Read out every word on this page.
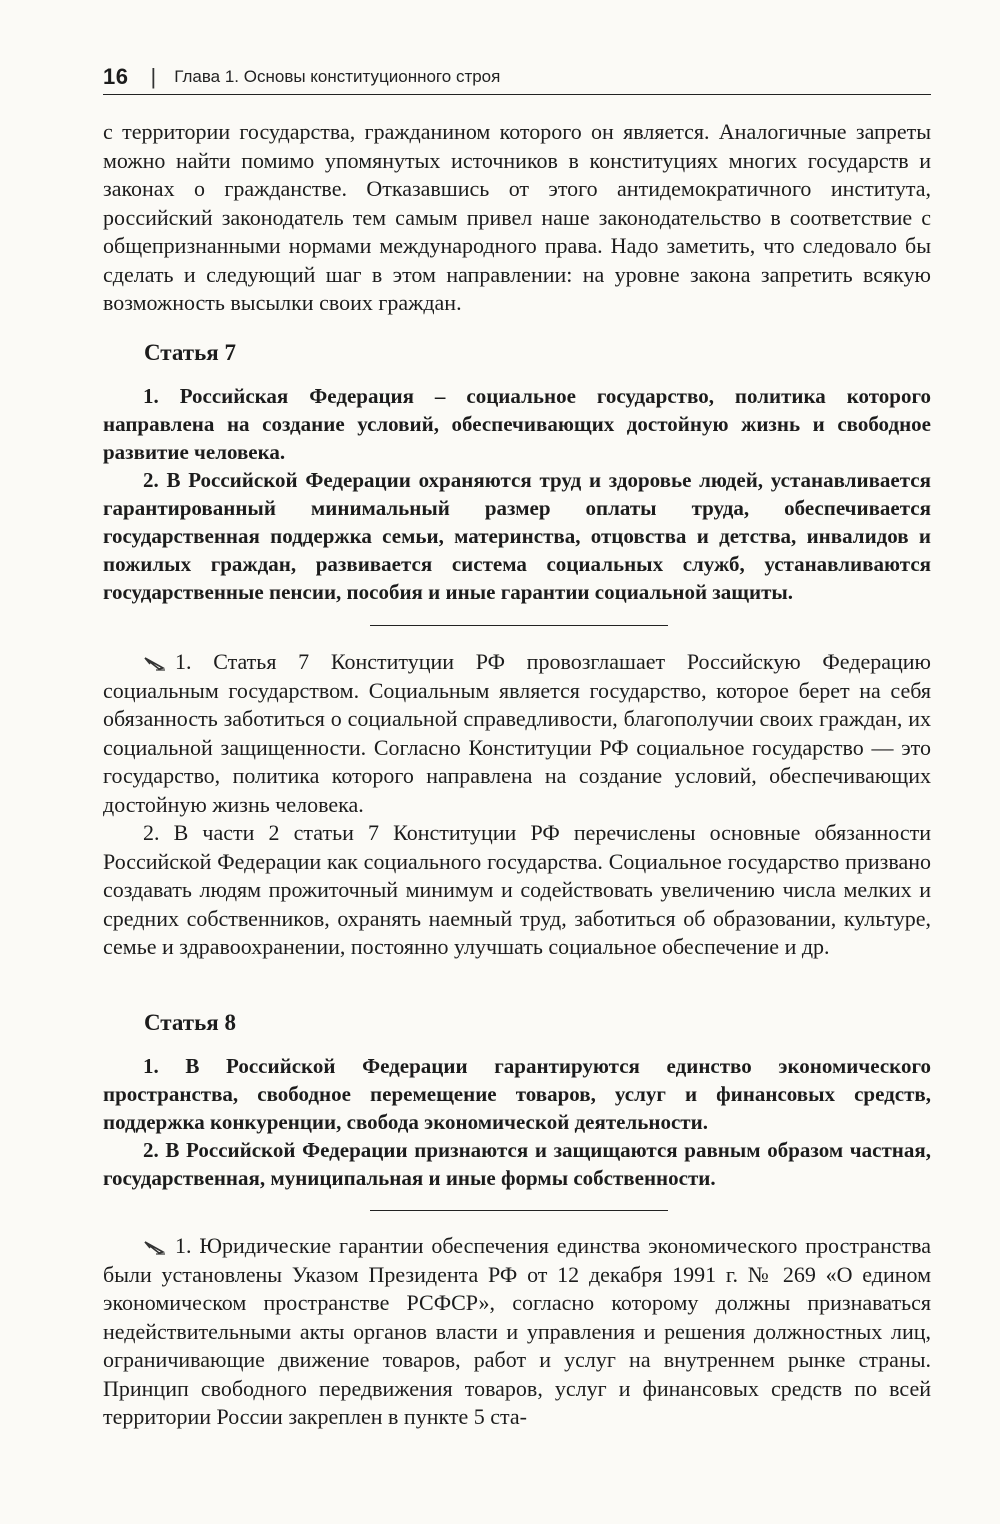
16 | Глава 1. Основы конституционного строя

с территории государства, гражданином которого он является. Аналогичные запреты можно найти помимо упомянутых источников в конституциях многих государств и законах о гражданстве. Отказавшись от этого антидемократичного института, российский законодатель тем самым привел наше законодательство в соответствие с общепризнанными нормами международного права. Надо заметить, что следовало бы сделать и следующий шаг в этом направлении: на уровне закона запретить всякую возможность высылки своих граждан.

Статья 7

1. Российская Федерация – социальное государство, политика которого направлена на создание условий, обеспечивающих достойную жизнь и свободное развитие человека.

2. В Российской Федерации охраняются труд и здоровье людей, устанавливается гарантированный минимальный размер оплаты труда, обеспечивается государственная поддержка семьи, материнства, отцовства и детства, инвалидов и пожилых граждан, развивается система социальных служб, устанавливаются государственные пенсии, пособия и иные гарантии социальной защиты.

1. Статья 7 Конституции РФ провозглашает Российскую Федерацию социальным государством. Социальным является государство, которое берет на себя обязанность заботиться о социальной справедливости, благополучии своих граждан, их социальной защищенности. Согласно Конституции РФ социальное государство — это государство, политика которого направлена на создание условий, обеспечивающих достойную жизнь человека.

2. В части 2 статьи 7 Конституции РФ перечислены основные обязанности Российской Федерации как социального государства. Социальное государство призвано создавать людям прожиточный минимум и содействовать увеличению числа мелких и средних собственников, охранять наемный труд, заботиться об образовании, культуре, семье и здравоохранении, постоянно улучшать социальное обеспечение и др.

Статья 8

1. В Российской Федерации гарантируются единство экономического пространства, свободное перемещение товаров, услуг и финансовых средств, поддержка конкуренции, свобода экономической деятельности.

2. В Российской Федерации признаются и защищаются равным образом частная, государственная, муниципальная и иные формы собственности.

1. Юридические гарантии обеспечения единства экономического пространства были установлены Указом Президента РФ от 12 декабря 1991 г. № 269 «О едином экономическом пространстве РСФСР», согласно которому должны признаваться недействительными акты органов власти и управления и решения должностных лиц, ограничивающие движение товаров, работ и услуг на внутреннем рынке страны. Принцип свободного передвижения товаров, услуг и финансовых средств по всей территории России закреплен в пункте 5 ста-
